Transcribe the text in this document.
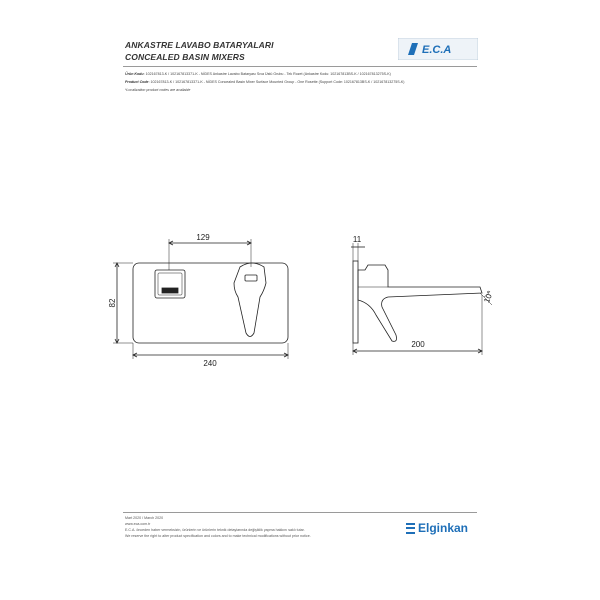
ANKASTRE LAVABO BATARYALARI
CONCEALED BASIN MIXERS
E.C.A
Ürün Kodu: 102167813-K / 102167813371-K - NİDES Ankastre Lavabo Bataryası Sıva Üstü Grubu - Tek Rozet (Ankastre Kodu: 102167813BS-K / 102167813275S-K)
Product Code: 102167813-K / 102167813371-K - NİDES Concealed Basin Mixer Surface Mounted Group - One Rosette (Support Code: 102167813BS-K / 102167813275S-K)
*Localization product codes are available
129
82
240
11
200
10°
Mart 2020 / March 2020
www.eca.com.tr
E.C.A. önceden haber vermeksizin, ürünlerin ve ürünlerin teknik detaylarında değişiklik yapma hakkını saklı tutar.
We reserve the right to alter product specification and colors and to make technical modifications without prior notice.
Elginkan
